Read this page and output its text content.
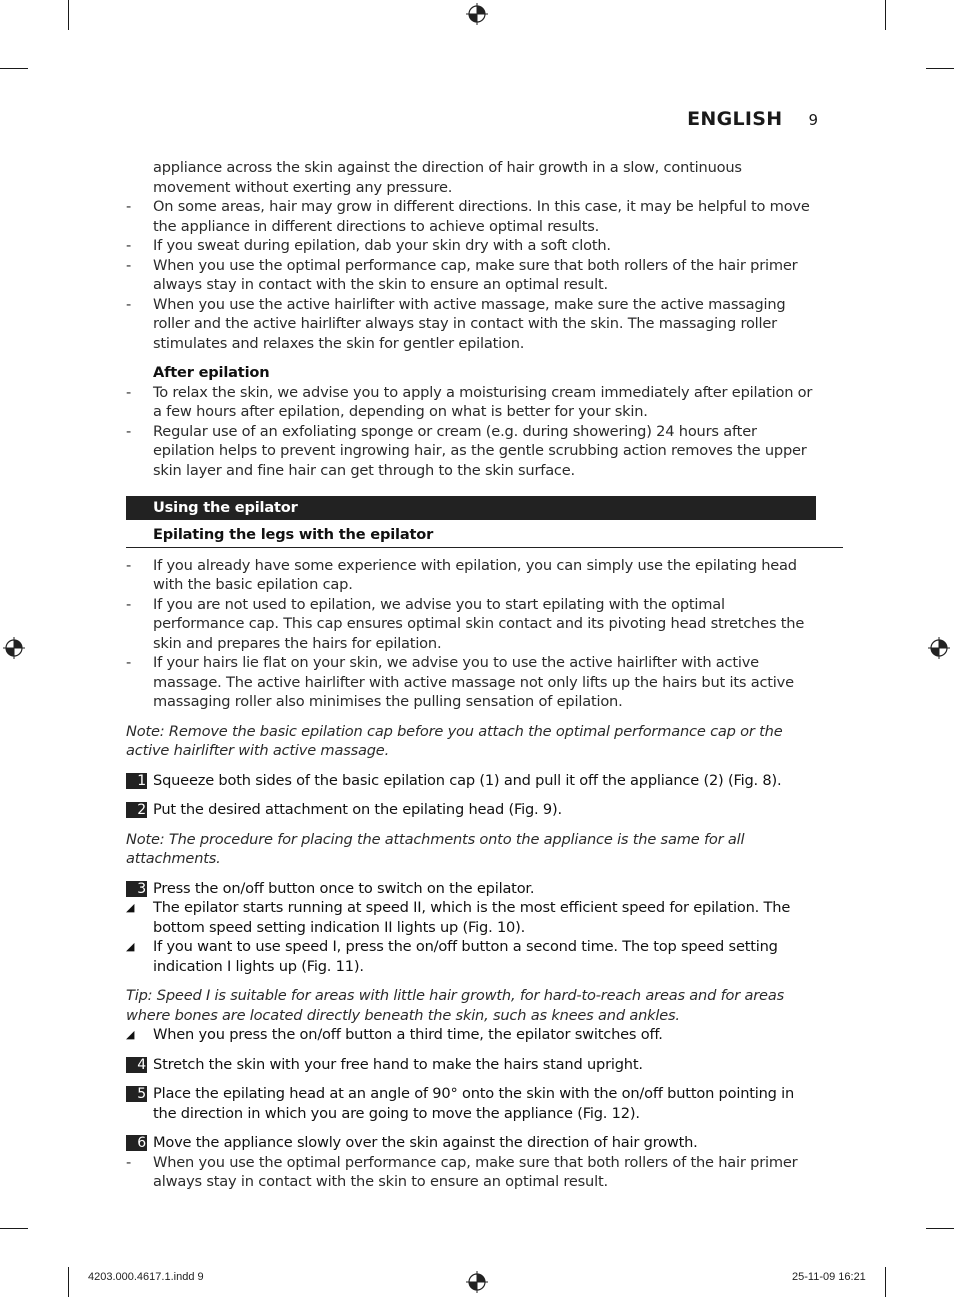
ENGLISH 9
appliance across the skin against the direction of hair growth in a slow, continuous movement without exerting any pressure.
- On some areas, hair may grow in different directions. In this case, it may be helpful to move the appliance in different directions to achieve optimal results.
- If you sweat during epilation, dab your skin dry with a soft cloth.
- When you use the optimal performance cap, make sure that both rollers of the hair primer always stay in contact with the skin to ensure an optimal result.
- When you use the active hairlifter with active massage, make sure the active massaging roller and the active hairlifter always stay in contact with the skin. The massaging roller stimulates and relaxes the skin for gentler epilation.
After epilation
- To relax the skin, we advise you to apply a moisturising cream immediately after epilation or a few hours after epilation, depending on what is better for your skin.
- Regular use of an exfoliating sponge or cream (e.g. during showering) 24 hours after epilation helps to prevent ingrowing hair, as the gentle scrubbing action removes the upper skin layer and fine hair can get through to the skin surface.
Using the epilator
Epilating the legs with the epilator
- If you already have some experience with epilation, you can simply use the epilating head with the basic epilation cap.
- If you are not used to epilation, we advise you to start epilating with the optimal performance cap. This cap ensures optimal skin contact and its pivoting head stretches the skin and prepares the hairs for epilation.
- If your hairs lie flat on your skin, we advise you to use the active hairlifter with active massage. The active hairlifter with active massage not only lifts up the hairs but its active massaging roller also minimises the pulling sensation of epilation.
Note: Remove the basic epilation cap before you attach the optimal performance cap or the active hairlifter with active massage.
1 Squeeze both sides of the basic epilation cap (1) and pull it off the appliance (2) (Fig. 8).
2 Put the desired attachment on the epilating head (Fig. 9).
Note: The procedure for placing the attachments onto the appliance is the same for all attachments.
3 Press the on/off button once to switch on the epilator.
◢ The epilator starts running at speed II, which is the most efficient speed for epilation. The bottom speed setting indication II lights up (Fig. 10).
◢ If you want to use speed I, press the on/off button a second time. The top speed setting indication I lights up (Fig. 11).
Tip: Speed I is suitable for areas with little hair growth, for hard-to-reach areas and for areas where bones are located directly beneath the skin, such as knees and ankles.
◢ When you press the on/off button a third time, the epilator switches off.
4 Stretch the skin with your free hand to make the hairs stand upright.
5 Place the epilating head at an angle of 90° onto the skin with the on/off button pointing in the direction in which you are going to move the appliance (Fig. 12).
6 Move the appliance slowly over the skin against the direction of hair growth.
- When you use the optimal performance cap, make sure that both rollers of the hair primer always stay in contact with the skin to ensure an optimal result.
4203.000.4617.1.indd 9	25-11-09 16:21
